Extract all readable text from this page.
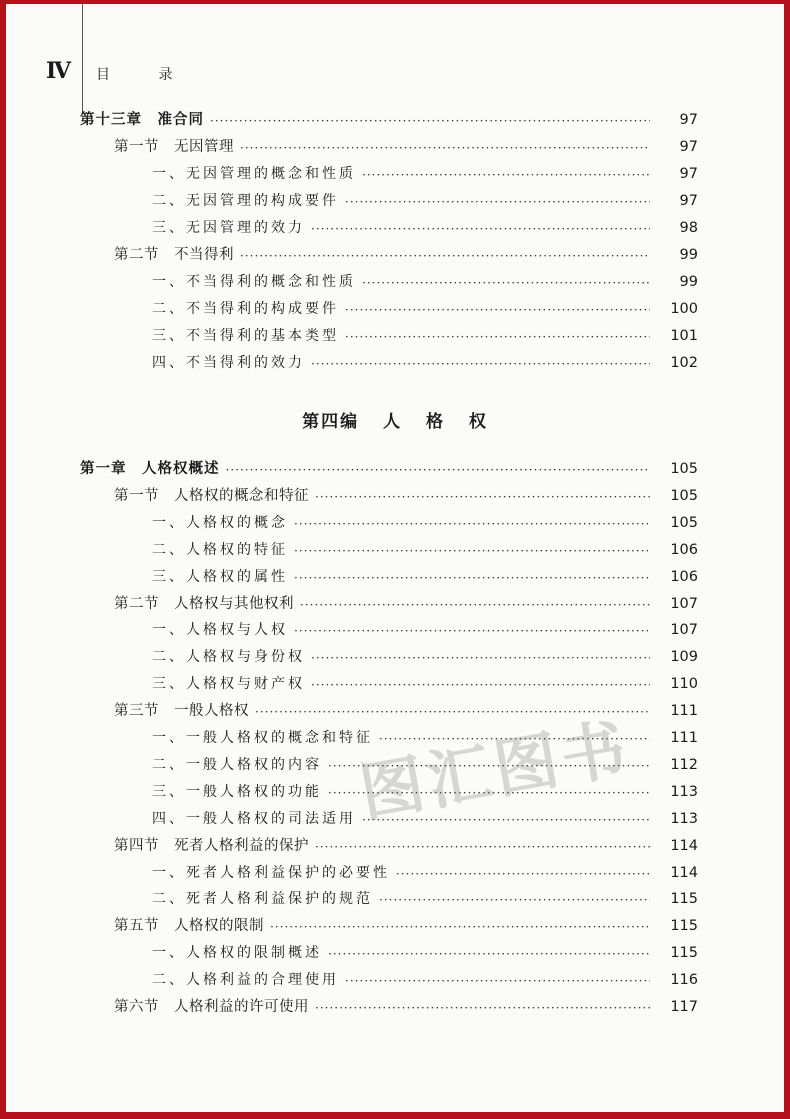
Ⅳ 目 录
第十三章　准合同 ·····	97
第一节　无因管理 ·····	97
一、无因管理的概念和性质 ·····	97
二、无因管理的构成要件 ·····	97
三、无因管理的效力 ·····	98
第二节　不当得利 ·····	99
一、不当得利的概念和性质 ·····	99
二、不当得利的构成要件 ·····	100
三、不当得利的基本类型 ·····	101
四、不当得利的效力 ·····	102
第一章　人格权概述 ·····	105
第一节　人格权的概念和特征 ·····	105
一、人格权的概念 ·····	105
二、人格权的特征 ·····	106
三、人格权的属性 ·····	106
第二节　人格权与其他权利 ·····	107
一、人格权与人权 ·····	107
二、人格权与身份权 ·····	109
三、人格权与财产权 ·····	110
第三节　一般人格权 ·····	111
一、一般人格权的概念和特征 ·····	111
二、一般人格权的内容 ·····	112
三、一般人格权的功能 ·····	113
四、一般人格权的司法适用 ·····	113
第四节　死者人格利益的保护 ·····	114
一、死者人格利益保护的必要性 ·····	114
二、死者人格利益保护的规范 ·····	115
第五节　人格权的限制 ·····	115
一、人格权的限制概述 ·····	115
二、人格利益的合理使用 ·····	116
第六节　人格利益的许可使用 ·····	117
第四编 人 格 权
图汇图书
